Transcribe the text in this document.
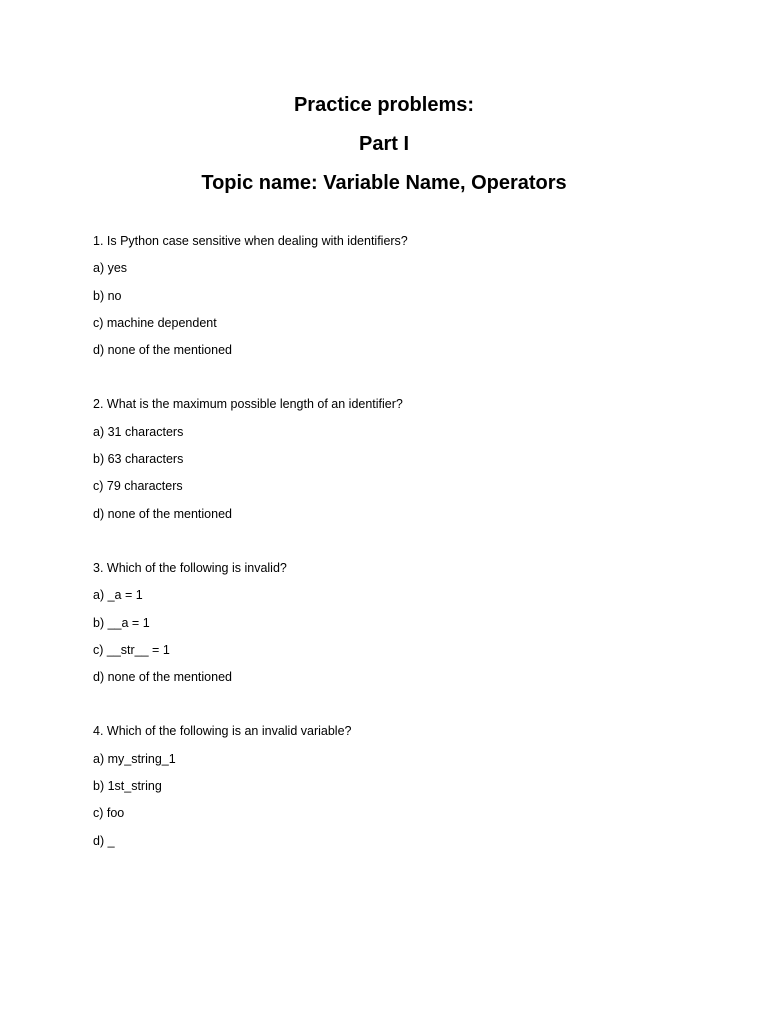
Practice problems:
Part I
Topic name: Variable Name, Operators
1. Is Python case sensitive when dealing with identifiers?
a) yes
b) no
c) machine dependent
d) none of the mentioned
2. What is the maximum possible length of an identifier?
a) 31 characters
b) 63 characters
c) 79 characters
d) none of the mentioned
3. Which of the following is invalid?
a) _a = 1
b) __a = 1
c) __str__ = 1
d) none of the mentioned
4. Which of the following is an invalid variable?
a) my_string_1
b) 1st_string
c) foo
d) _
